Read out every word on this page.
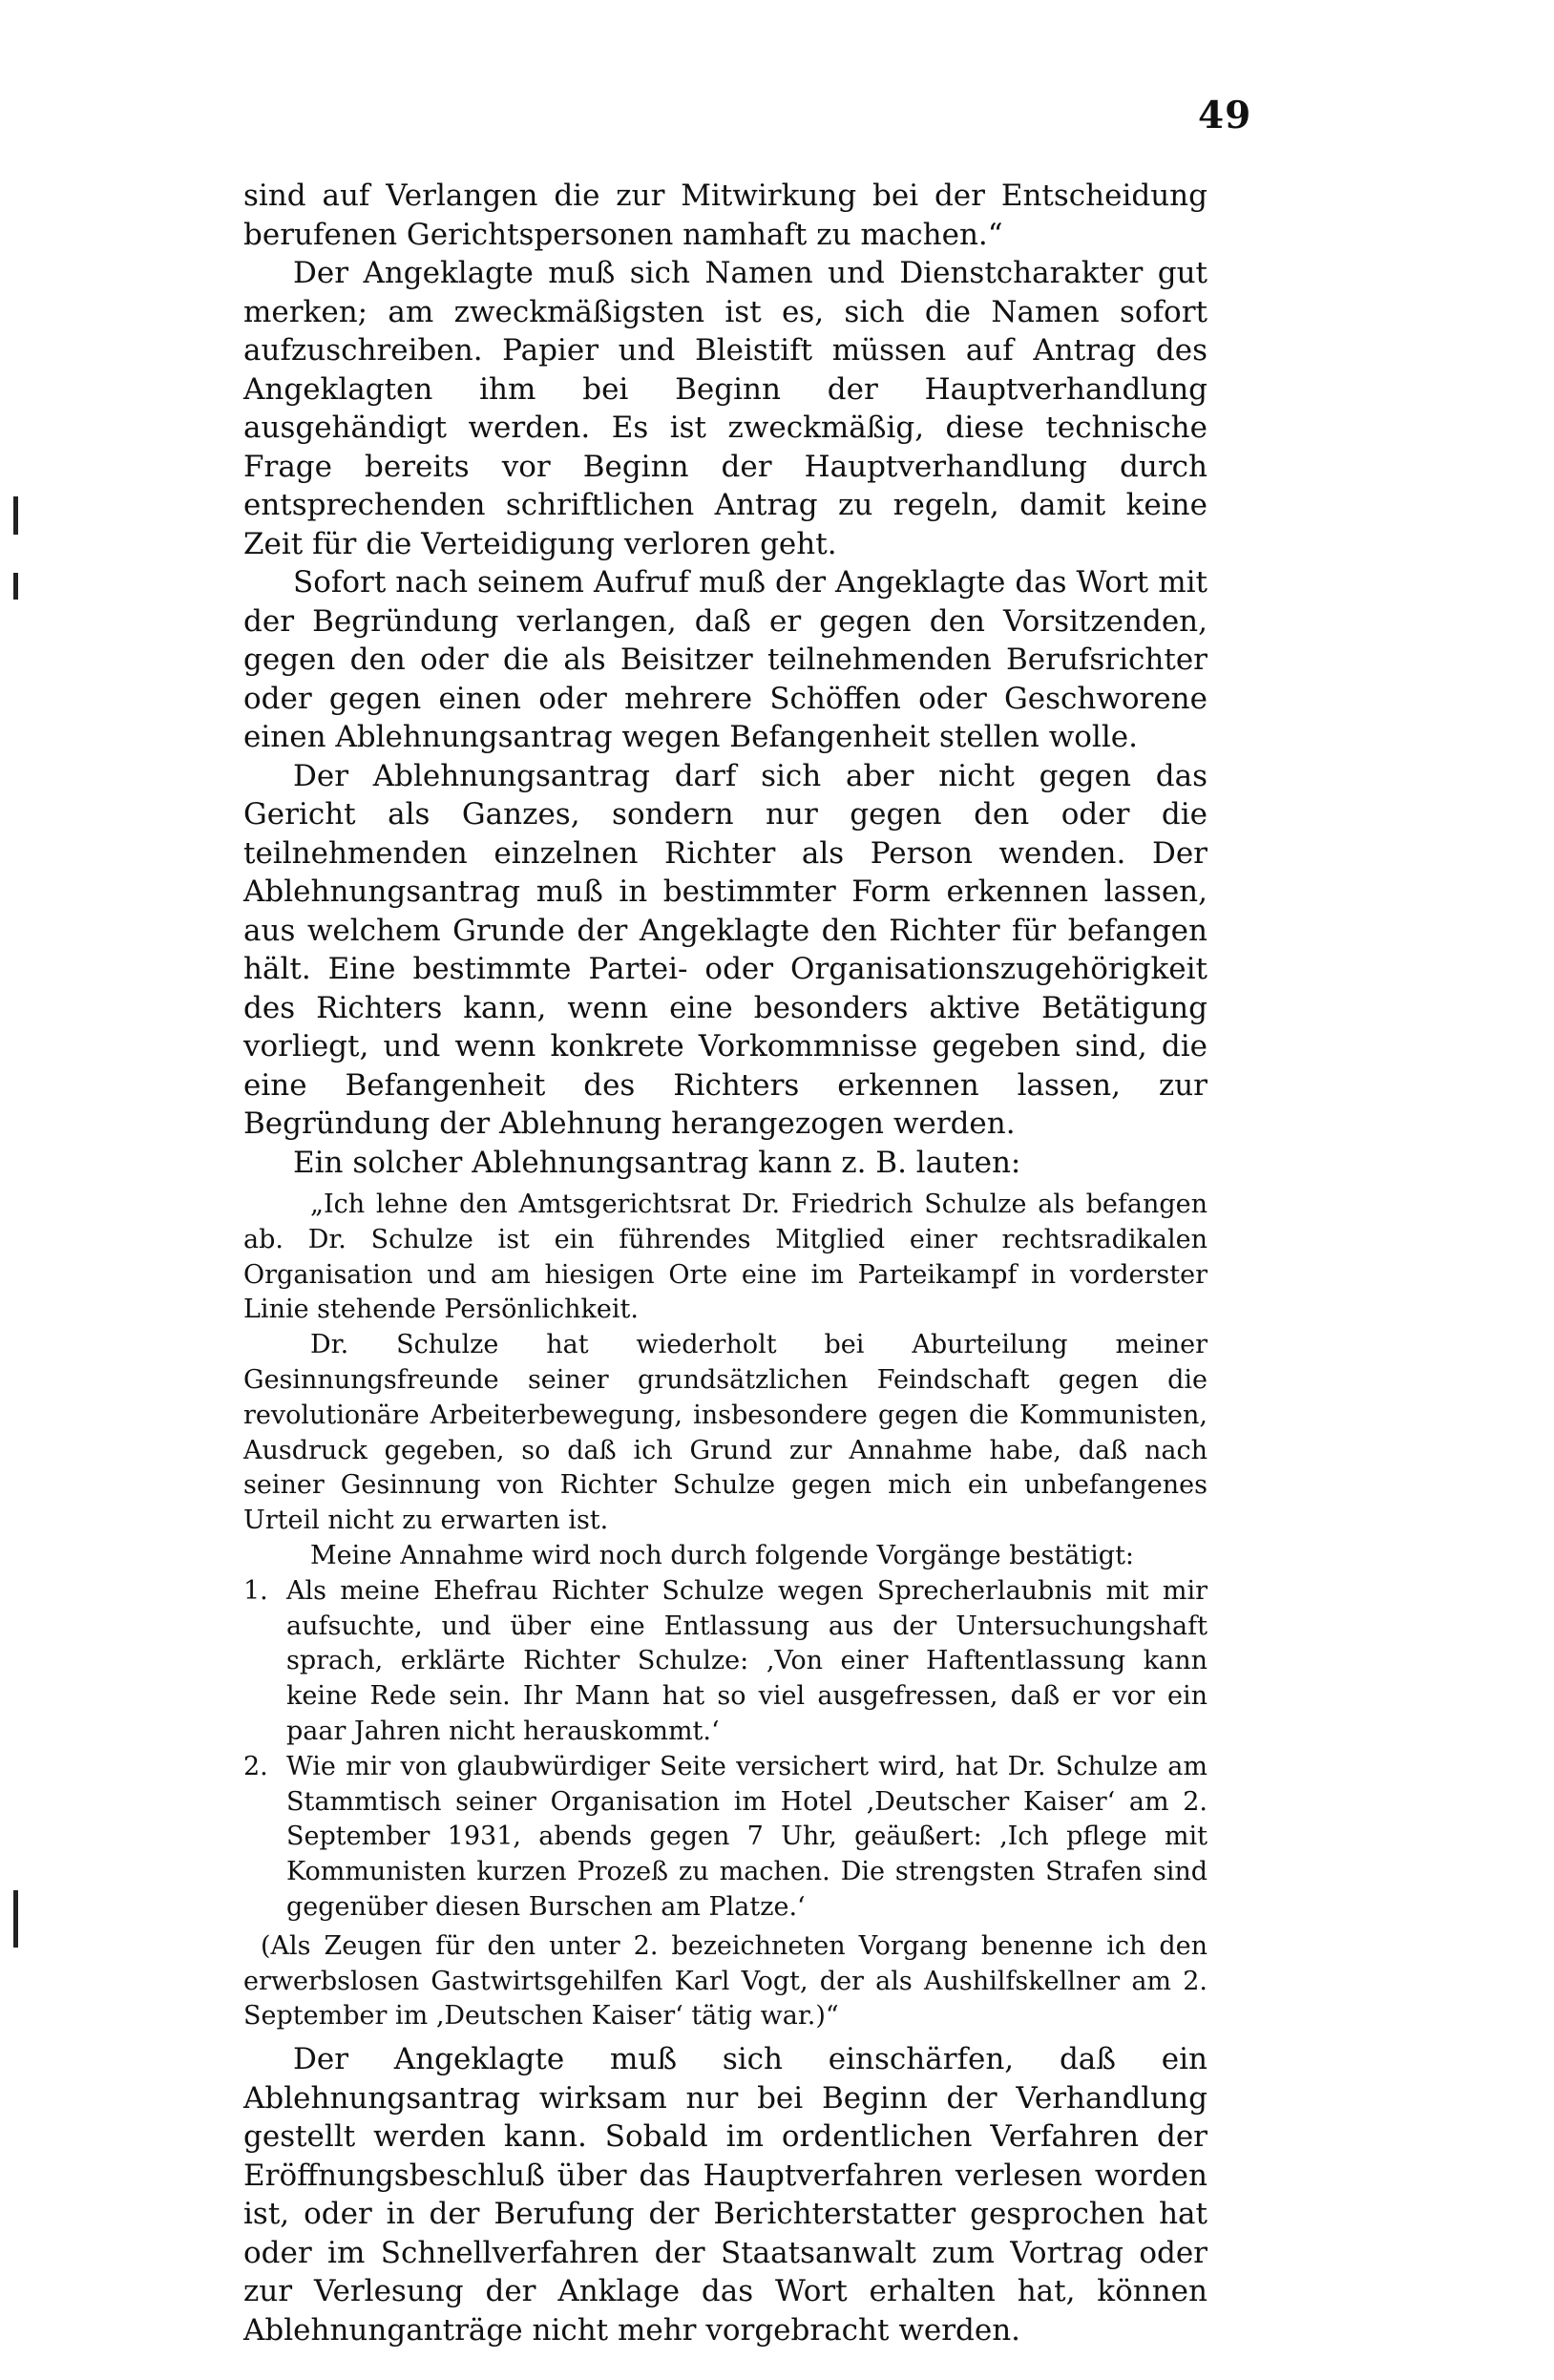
49

sind auf Verlangen die zur Mitwirkung bei der Entscheidung berufenen Gerichtspersonen namhaft zu machen.“

Der Angeklagte muß sich Namen und Dienstcharakter gut merken; am zweckmäßigsten ist es, sich die Namen sofort aufzuschreiben. Papier und Bleistift müssen auf Antrag des Angeklagten ihm bei Beginn der Hauptverhandlung ausgehändigt werden. Es ist zweckmäßig, diese technische Frage bereits vor Beginn der Hauptverhandlung durch entsprechenden schriftlichen Antrag zu regeln, damit keine Zeit für die Verteidigung verloren geht.

Sofort nach seinem Aufruf muß der Angeklagte das Wort mit der Begründung verlangen, daß er gegen den Vorsitzenden, gegen den oder die als Beisitzer teilnehmenden Berufsrichter oder gegen einen oder mehrere Schöffen oder Geschworene einen Ablehnungsantrag wegen Befangenheit stellen wolle.

Der Ablehnungsantrag darf sich aber nicht gegen das Gericht als Ganzes, sondern nur gegen den oder die teilnehmenden einzelnen Richter als Person wenden. Der Ablehnungsantrag muß in bestimmter Form erkennen lassen, aus welchem Grunde der Angeklagte den Richter für befangen hält. Eine bestimmte Partei- oder Organisationszugehörigkeit des Richters kann, wenn eine besonders aktive Betätigung vorliegt, und wenn konkrete Vorkommnisse gegeben sind, die eine Befangenheit des Richters erkennen lassen, zur Begründung der Ablehnung herangezogen werden.

Ein solcher Ablehnungsantrag kann z. B. lauten:

„Ich lehne den Amtsgerichtsrat Dr. Friedrich Schulze als befangen ab. Dr. Schulze ist ein führendes Mitglied einer rechtsradikalen Organisation und am hiesigen Orte eine im Parteikampf in vorderster Linie stehende Persönlichkeit.

Dr. Schulze hat wiederholt bei Aburteilung meiner Gesinnungsfreunde seiner grundsätzlichen Feindschaft gegen die revolutionäre Arbeiterbewegung, insbesondere gegen die Kommunisten, Ausdruck gegeben, so daß ich Grund zur Annahme habe, daß nach seiner Gesinnung von Richter Schulze gegen mich ein unbefangenes Urteil nicht zu erwarten ist.

Meine Annahme wird noch durch folgende Vorgänge bestätigt:

1. Als meine Ehefrau Richter Schulze wegen Sprecherlaubnis mit mir aufsuchte, und über eine Entlassung aus der Untersuchungshaft sprach, erklärte Richter Schulze: ‚Von einer Haftentlassung kann keine Rede sein. Ihr Mann hat so viel ausgefressen, daß er vor ein paar Jahren nicht herauskommt.‘
2. Wie mir von glaubwürdiger Seite versichert wird, hat Dr. Schulze am Stammtisch seiner Organisation im Hotel ‚Deutscher Kaiser‘ am 2. September 1931, abends gegen 7 Uhr, geäußert: ‚Ich pflege mit Kommunisten kurzen Prozeß zu machen. Die strengsten Strafen sind gegenüber diesen Burschen am Platze.‘

(Als Zeugen für den unter 2. bezeichneten Vorgang benenne ich den erwerbslosen Gastwirtsgehilfen Karl Vogt, der als Aushilfskellner am 2. September im ‚Deutschen Kaiser‘ tätig war.)“

Der Angeklagte muß sich einschärfen, daß ein Ablehnungsantrag wirksam nur bei Beginn der Verhandlung gestellt werden kann. Sobald im ordentlichen Verfahren der Eröffnungsbeschluß über das Hauptverfahren verlesen worden ist, oder in der Berufung der Berichterstatter gesprochen hat oder im Schnellverfahren der Staatsanwalt zum Vortrag oder zur Verlesung der Anklage das Wort erhalten hat, können Ablehnunganträge nicht mehr vorgebracht werden.
